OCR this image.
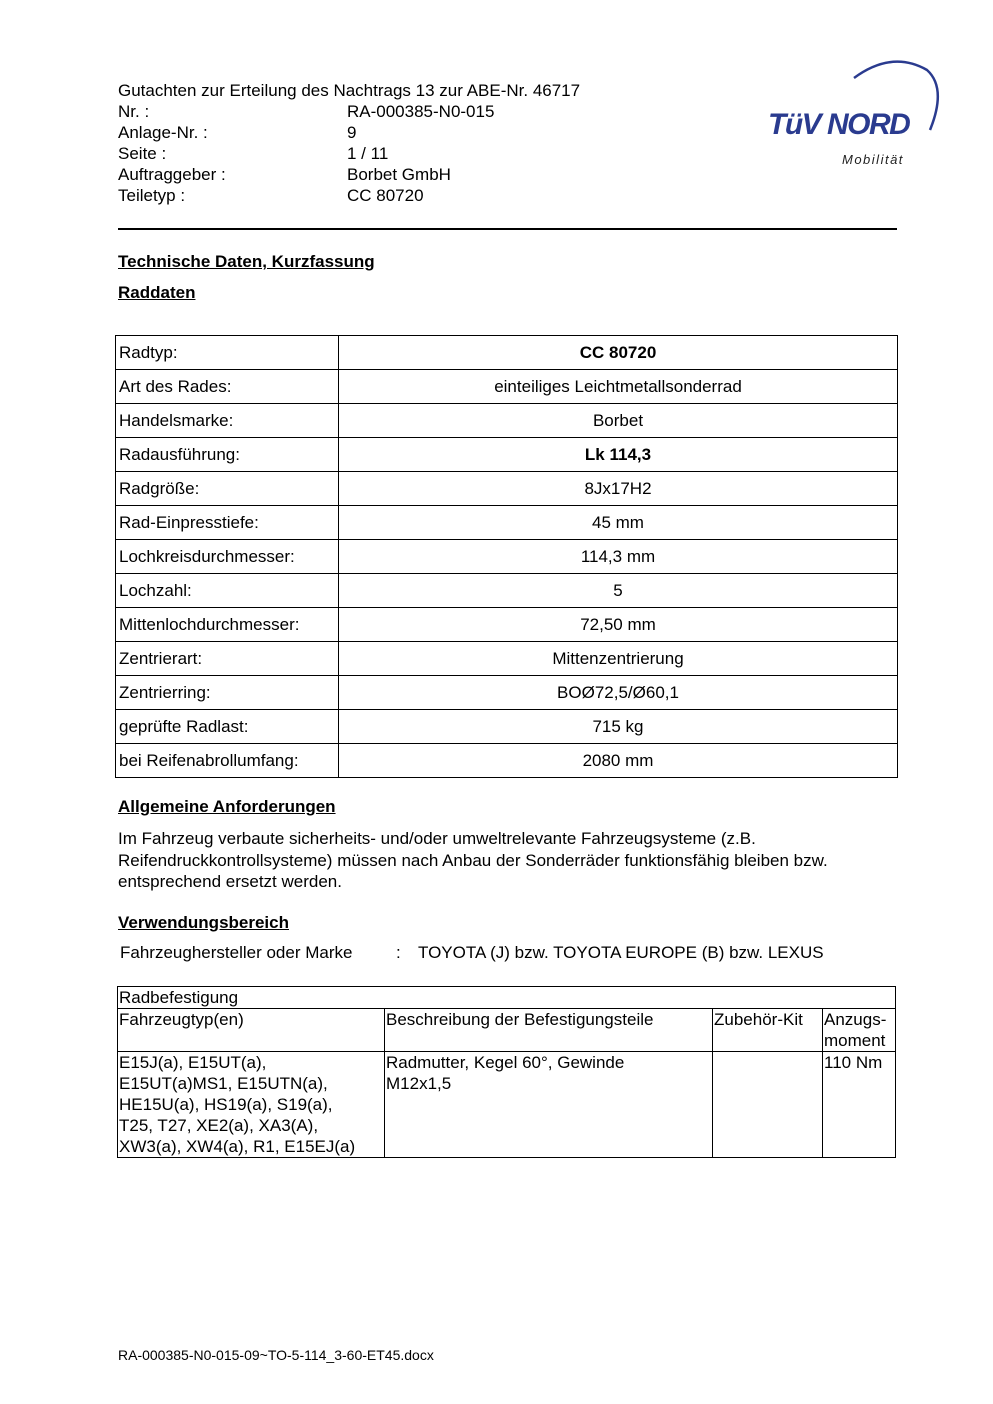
Gutachten zur Erteilung des Nachtrags 13 zur ABE-Nr. 46717
Nr. :	RA-000385-N0-015
Anlage-Nr. :	9
Seite :	1 / 11
Auftraggeber :	Borbet GmbH
Teiletyp :	CC 80720
TüV NORD
Mobilität
Technische Daten, Kurzfassung
Raddaten
Radtyp:	CC 80720
Art des Rades:	einteiliges Leichtmetallsonderrad
Handelsmarke:	Borbet
Radausführung:	Lk 114,3
Radgröße:	8Jx17H2
Rad-Einpresstiefe:	45 mm
Lochkreisdurchmesser:	114,3 mm
Lochzahl:	5
Mittenlochdurchmesser:	72,50 mm
Zentrierart:	Mittenzentrierung
Zentrierring:	BOØ72,5/Ø60,1
geprüfte Radlast:	715 kg
bei Reifenabrollumfang:	2080 mm
Allgemeine Anforderungen
Im Fahrzeug verbaute sicherheits- und/oder umweltrelevante Fahrzeugsysteme (z.B. Reifendruckkontrollsysteme) müssen nach Anbau der Sonderräder funktionsfähig bleiben bzw. entsprechend ersetzt werden.
Verwendungsbereich
Fahrzeughersteller oder Marke	:	TOYOTA (J) bzw. TOYOTA EUROPE (B) bzw. LEXUS
Radbefestigung			
Fahrzeugtyp(en)	Beschreibung der Befestigungsteile	Zubehör-Kit	Anzugs-
moment
E15J(a), E15UT(a),
E15UT(a)MS1, E15UTN(a),
HE15U(a), HS19(a), S19(a),
T25, T27, XE2(a), XA3(A),
XW3(a), XW4(a), R1, E15EJ(a)	Radmutter, Kegel 60°, Gewinde
M12x1,5		110 Nm
RA-000385-N0-015-09~TO-5-114_3-60-ET45.docx
